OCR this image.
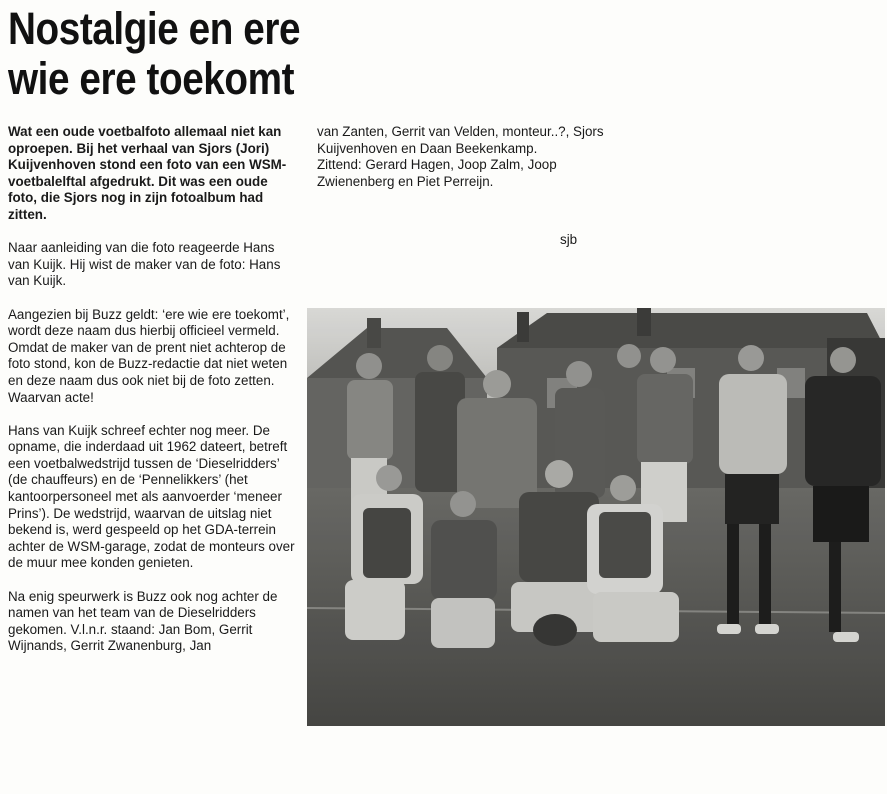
Nostalgie en ere
wie ere toekomt

Wat een oude voetbalfoto allemaal niet kan oproepen. Bij het verhaal van Sjors (Jori) Kuijvenhoven stond een foto van een WSM-voetbalelftal afgedrukt. Dit was een oude foto, die Sjors nog in zijn fotoalbum had zitten.

Naar aanleiding van die foto reageerde Hans van Kuijk. Hij wist de maker van de foto: Hans van Kuijk.

Aangezien bij Buzz geldt: ‘ere wie ere toekomt’, wordt deze naam dus hierbij officieel vermeld. Omdat de maker van de prent niet achterop de foto stond, kon de Buzz-redactie dat niet weten en deze naam dus ook niet bij de foto zetten. Waarvan acte!

Hans van Kuijk schreef echter nog meer. De opname, die inderdaad uit 1962 dateert, betreft een voetbalwedstrijd tussen de ‘Dieselridders’ (de chauffeurs) en de ‘Pennelikkers’ (het kantoorpersoneel met als aanvoerder ‘meneer Prins’). De wedstrijd, waarvan de uitslag niet bekend is, werd gespeeld op het GDA-terrein achter de WSM-garage, zodat de monteurs over de muur mee konden genieten.

Na enig speurwerk is Buzz ook nog achter de namen van het team van de Dieselridders gekomen. V.l.n.r. staand: Jan Bom, Gerrit Wijnands, Gerrit Zwanenburg, Jan

van Zanten, Gerrit van Velden, monteur..?, Sjors Kuijvenhoven en Daan Beekenkamp.

Zittend: Gerard Hagen, Joop Zalm, Joop Zwienenberg en Piet Perreijn.

sjb
